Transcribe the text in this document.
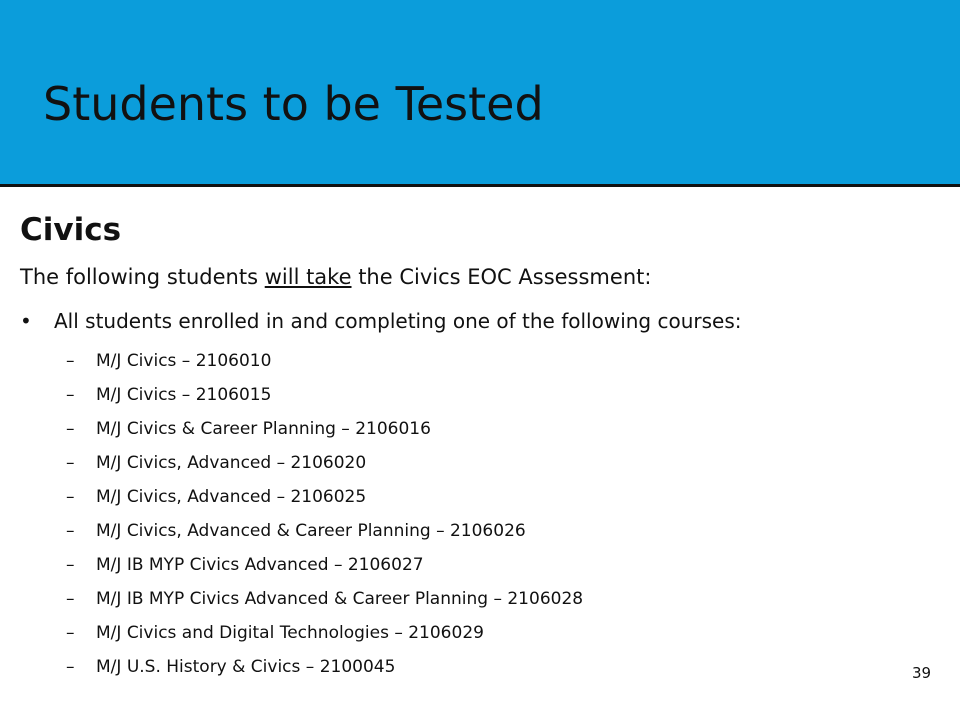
Students to be Tested
Civics
The following students will take the Civics EOC Assessment:
• All students enrolled in and completing one of the following courses:
– M/J Civics – 2106010
– M/J Civics – 2106015
– M/J Civics & Career Planning – 2106016
– M/J Civics, Advanced – 2106020
– M/J Civics, Advanced – 2106025
– M/J Civics, Advanced & Career Planning – 2106026
– M/J IB MYP Civics Advanced – 2106027
– M/J IB MYP Civics Advanced & Career Planning – 2106028
– M/J Civics and Digital Technologies – 2106029
– M/J U.S. History & Civics – 2100045	39
